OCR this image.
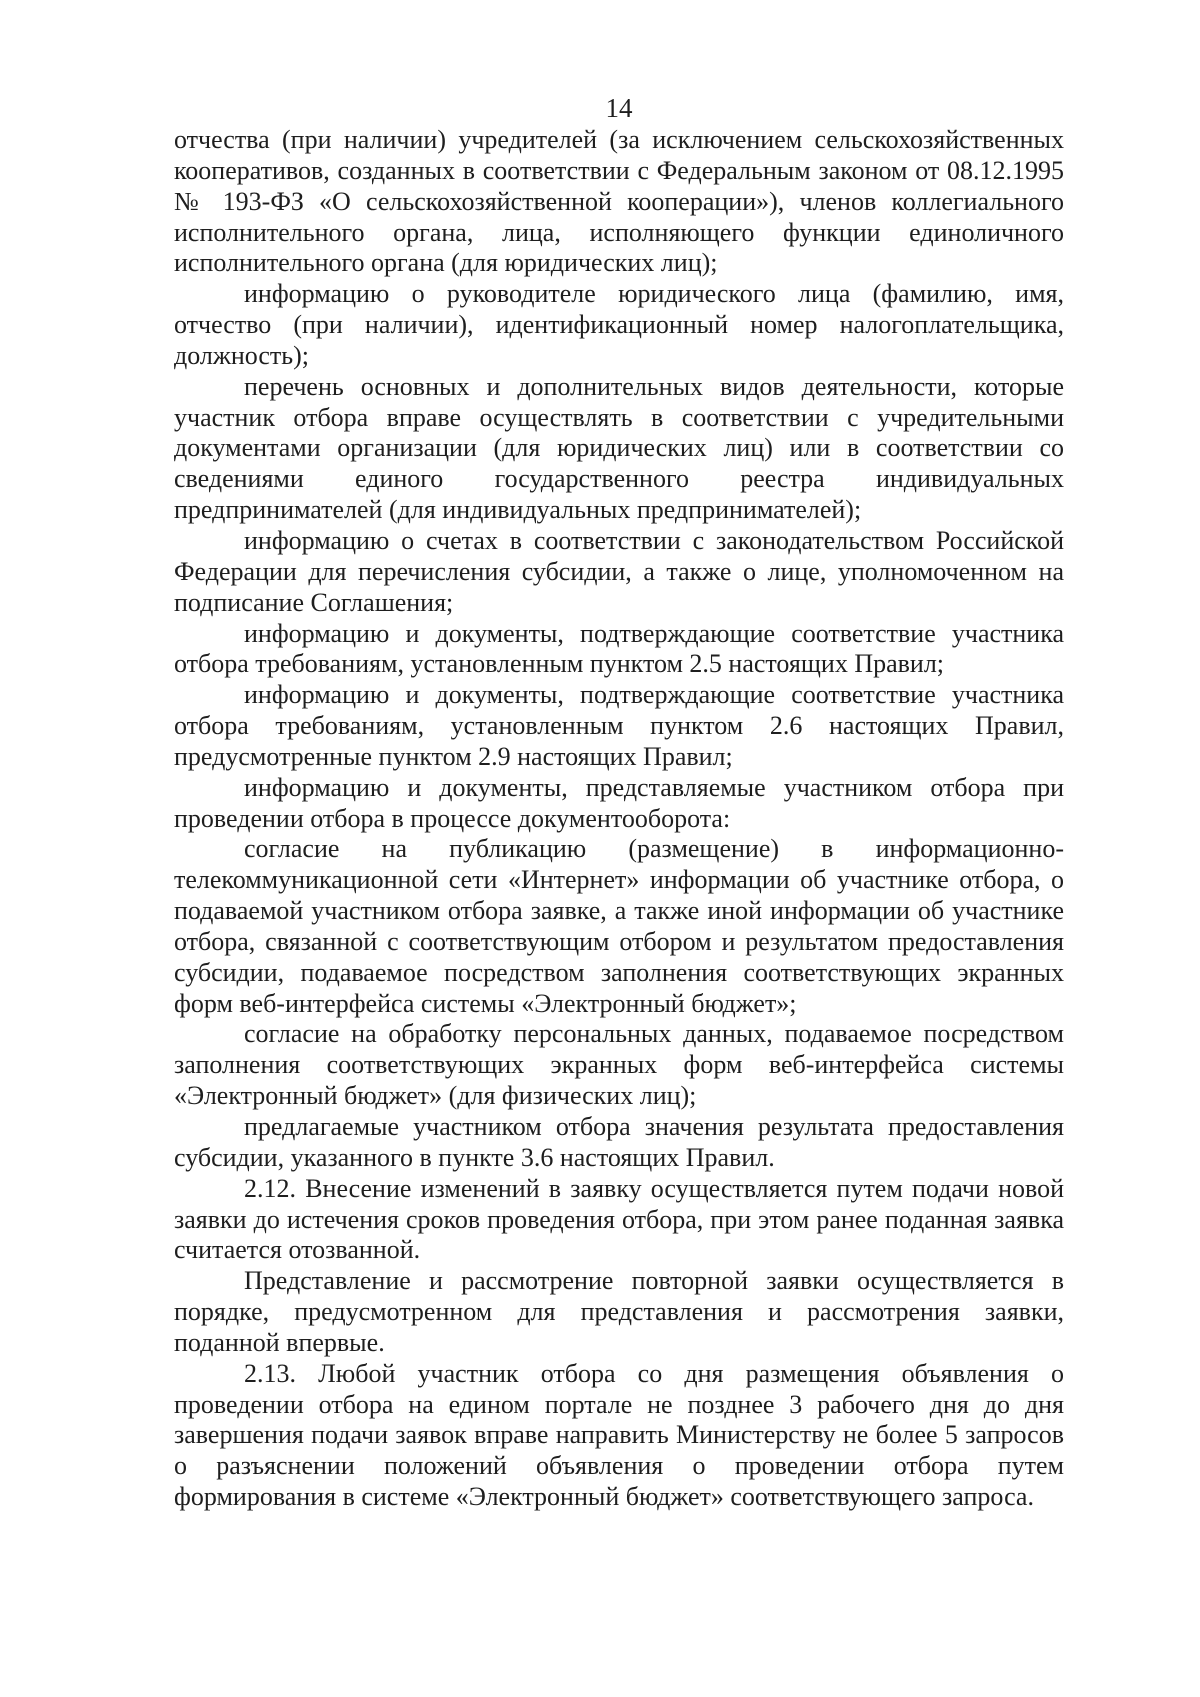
14

отчества (при наличии) учредителей (за исключением сельскохозяйственных кооперативов, созданных в соответствии с Федеральным законом от 08.12.1995 № 193-ФЗ «О сельскохозяйственной кооперации»), членов коллегиального исполнительного органа, лица, исполняющего функции единоличного исполнительного органа (для юридических лиц);

информацию о руководителе юридического лица (фамилию, имя, отчество (при наличии), идентификационный номер налогоплательщика, должность);

перечень основных и дополнительных видов деятельности, которые участник отбора вправе осуществлять в соответствии с учредительными документами организации (для юридических лиц) или в соответствии со сведениями единого государственного реестра индивидуальных предпринимателей (для индивидуальных предпринимателей);

информацию о счетах в соответствии с законодательством Российской Федерации для перечисления субсидии, а также о лице, уполномоченном на подписание Соглашения;

информацию и документы, подтверждающие соответствие участника отбора требованиям, установленным пунктом 2.5 настоящих Правил;

информацию и документы, подтверждающие соответствие участника отбора требованиям, установленным пунктом 2.6 настоящих Правил, предусмотренные пунктом 2.9 настоящих Правил;

информацию и документы, представляемые участником отбора при проведении отбора в процессе документооборота:

согласие на публикацию (размещение) в информационно-телекоммуникационной сети «Интернет» информации об участнике отбора, о подаваемой участником отбора заявке, а также иной информации об участнике отбора, связанной с соответствующим отбором и результатом предоставления субсидии, подаваемое посредством заполнения соответствующих экранных форм веб-интерфейса системы «Электронный бюджет»;

согласие на обработку персональных данных, подаваемое посредством заполнения соответствующих экранных форм веб-интерфейса системы «Электронный бюджет» (для физических лиц);

предлагаемые участником отбора значения результата предоставления субсидии, указанного в пункте 3.6 настоящих Правил.

2.12. Внесение изменений в заявку осуществляется путем подачи новой заявки до истечения сроков проведения отбора, при этом ранее поданная заявка считается отозванной.

Представление и рассмотрение повторной заявки осуществляется в порядке, предусмотренном для представления и рассмотрения заявки, поданной впервые.

2.13. Любой участник отбора со дня размещения объявления о проведении отбора на едином портале не позднее 3 рабочего дня до дня завершения подачи заявок вправе направить Министерству не более 5 запросов о разъяснении положений объявления о проведении отбора путем формирования в системе «Электронный бюджет» соответствующего запроса.
